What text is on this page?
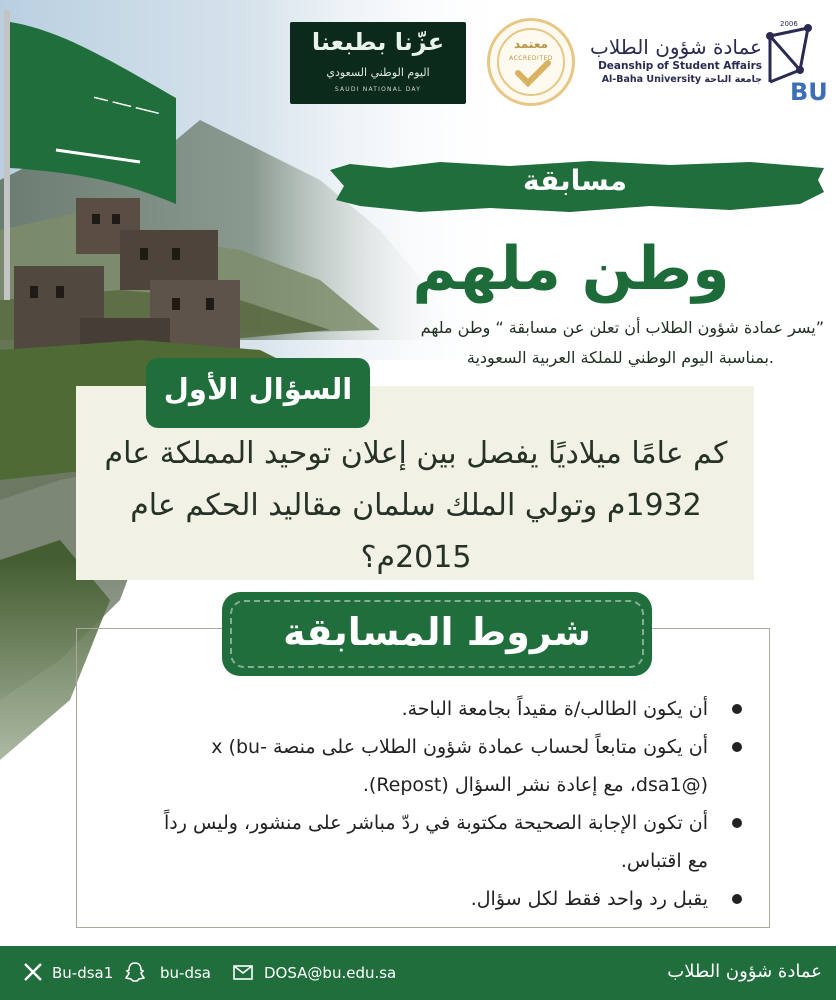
ـــــ ــــ ـــ
عزّنا بطبعنا
اليوم الوطني السعودي
SAUDI NATIONAL DAY
معتمد
ACCREDITED	عمادة شؤون الطلاب
Deanship of Student Affairs
Al-Baha University جامعة الباحة
2006
BU
مسابقة
وطن ملهم
يسر عمادة شؤون الطلاب أن تعلن عن مسابقة “ وطن ملهم”
بمناسبة اليوم الوطني للملكة العربية السعودية.
السؤال الأول
كم عامًا ميلاديًا يفصل بين إعلان توحيد المملكة عام 1932م وتولي الملك سلمان مقاليد الحكم عام 2015م؟
شروط المسابقة
أن يكون الطالب/ة مقيداً بجامعة الباحة.
أن يكون متابعاً لحساب عمادة شؤون الطلاب على منصة x (bu-dsa1@)، مع إعادة نشر السؤال (Repost).
أن تكون الإجابة الصحيحة مكتوبة في ردّ مباشر على منشور، وليس رداً مع اقتباس.
يقبل رد واحد فقط لكل سؤال.
Bu-dsa1	bu-dsa	DOSA@bu.edu.sa	عمادة شؤون الطلاب
